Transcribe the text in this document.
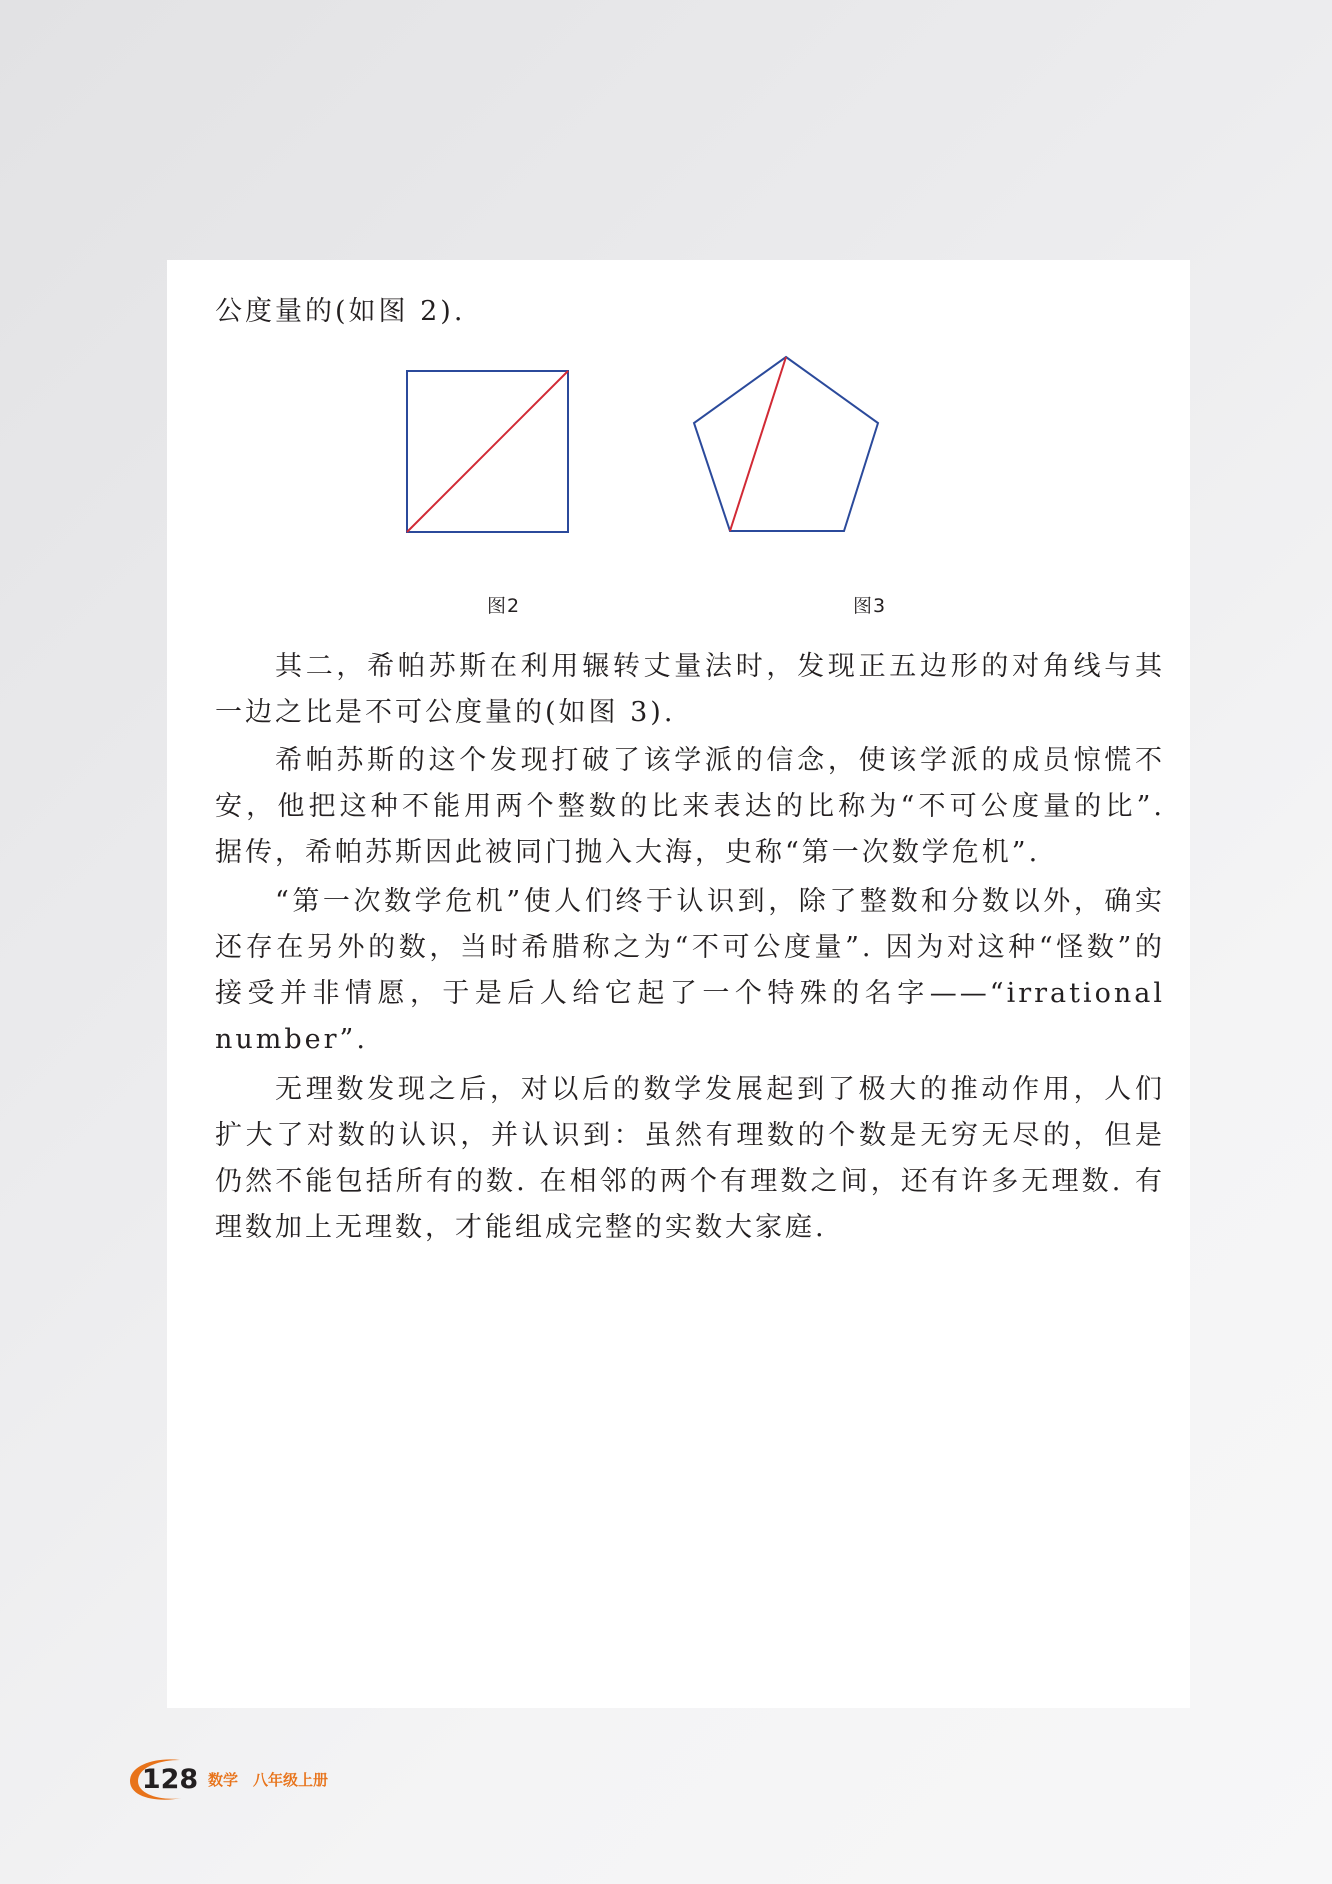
公度量的(如图 2).

图2	图3

其二，希帕苏斯在利用辗转丈量法时，发现正五边形的对角线与其一边之比是不可公度量的(如图 3).

希帕苏斯的这个发现打破了该学派的信念，使该学派的成员惊慌不安，他把这种不能用两个整数的比来表达的比称为“不可公度量的比”. 据传，希帕苏斯因此被同门抛入大海，史称“第一次数学危机”.

“第一次数学危机”使人们终于认识到，除了整数和分数以外，确实还存在另外的数，当时希腊称之为“不可公度量”. 因为对这种“怪数”的接受并非情愿，于是后人给它起了一个特殊的名字——“irrational number”.

无理数发现之后，对以后的数学发展起到了极大的推动作用，人们扩大了对数的认识，并认识到：虽然有理数的个数是无穷无尽的，但是仍然不能包括所有的数. 在相邻的两个有理数之间，还有许多无理数. 有理数加上无理数，才能组成完整的实数大家庭.

128 数学　八年级上册
